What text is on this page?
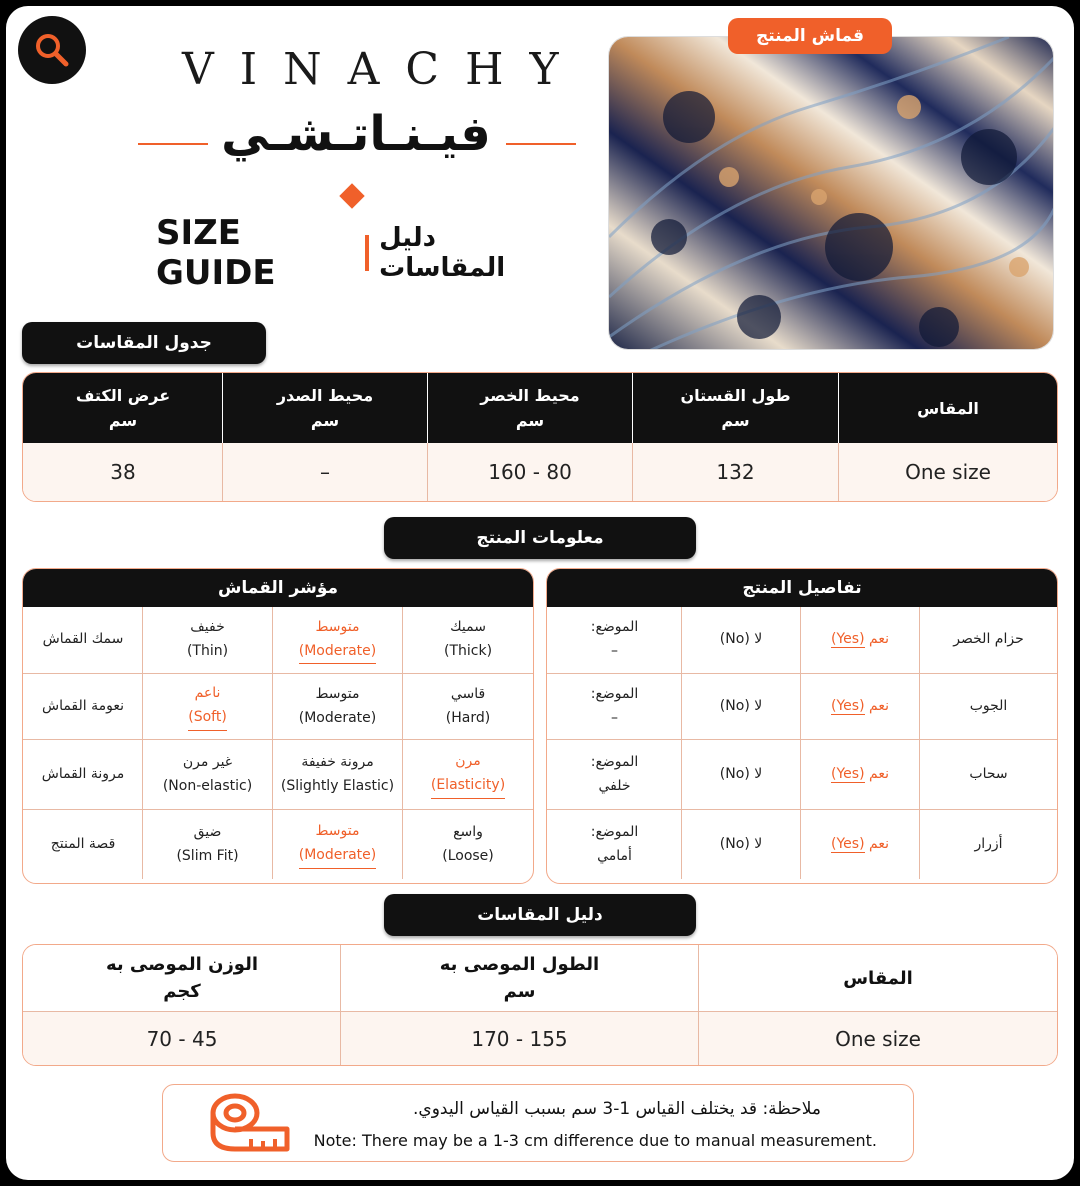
VINACHY
فيـنـاتـشـي
SIZE GUIDE
دليل المقاسات
قماش المنتج
جدول المقاسات
المقاس
طول القستان
سم
محيط الخصر
سم
محيط الصدر
سم
عرض الكتف
سم
One size
132
80 - 160
–
38
معلومات المنتج
تفاصيل المنتج
حزام الخصر
نعم (Yes)
لا (No)
الموضع:
–
الجوب
نعم (Yes)
لا (No)
الموضع:
–
سحاب
نعم (Yes)
لا (No)
الموضع:
خلفي
أزرار
نعم (Yes)
لا (No)
الموضع:
أمامي
مؤشر القماش
سميك
(Thick)
متوسط
(Moderate)
خفيف
(Thin)
سمك القماش
قاسي
(Hard)
متوسط
(Moderate)
ناعم
(Soft)
نعومة القماش
مرن
(Elasticity)
مرونة خفيفة
(Slightly Elastic)
غير مرن
(Non-elastic)
مرونة القماش
واسع
(Loose)
متوسط
(Moderate)
ضيق
(Slim Fit)
قصة المنتج
دليل المقاسات
المقاس
الطول الموصى به
سم
الوزن الموصى به
كجم
One size
155 - 170
45 - 70
ملاحظة: قد يختلف القياس 1-3 سم بسبب القياس اليدوي.
Note: There may be a 1-3 cm difference due to manual measurement.
